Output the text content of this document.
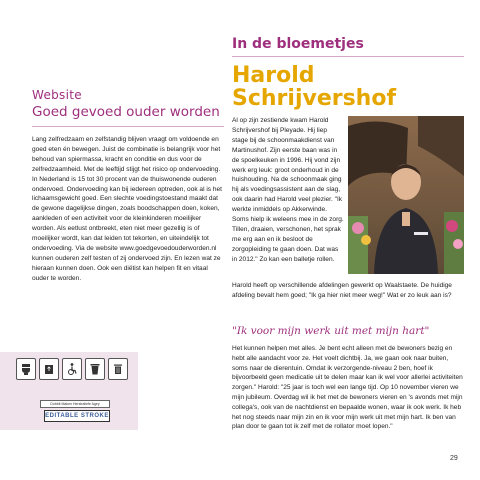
Website

Goed gevoed ouder worden

Lang zelfredzaam en zelfstandig blijven vraagt om voldoende en goed eten én bewegen. Juist de combinatie is belangrijk voor het behoud van spiermassa, kracht en conditie en dus voor de zelfredzaamheid. Met de leeftijd stijgt het risico op ondervoeding. In Nederland is 15 tot 30 procent van de thuiswonende ouderen ondervoed. Ondervoeding kan bij iedereen optreden, ook al is het lichaamsgewicht goed. Een slechte voedingstoestand maakt dat de gewone dagelijkse dingen, zoals boodschappen doen, koken, aankleden of een activiteit voor de kleinkinderen moeilijker worden. Als eetlust ontbreekt, eten niet meer gezellig is of moeilijker wordt, kan dat leiden tot tekorten, en uiteindelijk tot ondervoeding. Via de website www.goedgevoedouderworden.nl kunnen ouderen zelf testen of zij ondervoed zijn. En lezen wat ze hieraan kunnen doen. Ook een diëtist kan helpen fit en vitaal ouder te worden.

Dobbit Maken Herstraliefe Agey
EDITABLE STROKE
In de bloemetjes
Harold
Schrijvershof

Al op zijn zestiende kwam Harold Schrijvershof bij Pleyade. Hij liep stage bij de schoonmaakdienst van Martinushof. Zijn eerste baan was in de spoelkeuken in 1996. Hij vond zijn werk erg leuk: groot onderhoud in de huishouding. Na de schoonmaak ging hij als voedingsassistent aan de slag, ook daarin had Harold veel plezier. "Ik werkte inmiddels op Akkerwinde. Soms hielp ik weleens mee in de zorg. Tillen, draaien, verschonen, het sprak me erg aan en ik besloot de zorgopleiding te gaan doen. Dat was in 2012." Zo kan een balletje rollen.

Harold heeft op verschillende afdelingen gewerkt op Waalstaete. De huidige afdeling bevalt hem goed; "Ik ga hier niet meer weg!" Wat er zo leuk aan is?

"Ik voor mijn werk uit met mijn hart"

Het kunnen helpen met alles. Je bent echt alleen met de bewoners bezig en hebt alle aandacht voor ze. Het voelt dichtbij. Ja, we gaan ook naar buiten, soms naar de dierentuin. Omdat ik verzorgende-niveau 2 ben, hoef ik bijvoorbeeld geen medicatie uit te delen maar kan ik wel voor allerlei activiteiten zorgen." Harold: "25 jaar is toch wel een lange tijd. Op 10 november vieren we mijn jubileum. Overdag wil ik het met de bewoners vieren en 's avonds met mijn collega's, ook van de nachtdienst en bepaalde wonen, waar ik ook werk. Ik heb het nog steeds naar mijn zin en ik voor mijn werk uit met mijn hart. Ik ben van plan door te gaan tot ik zelf met de rollator moet lopen."

29
